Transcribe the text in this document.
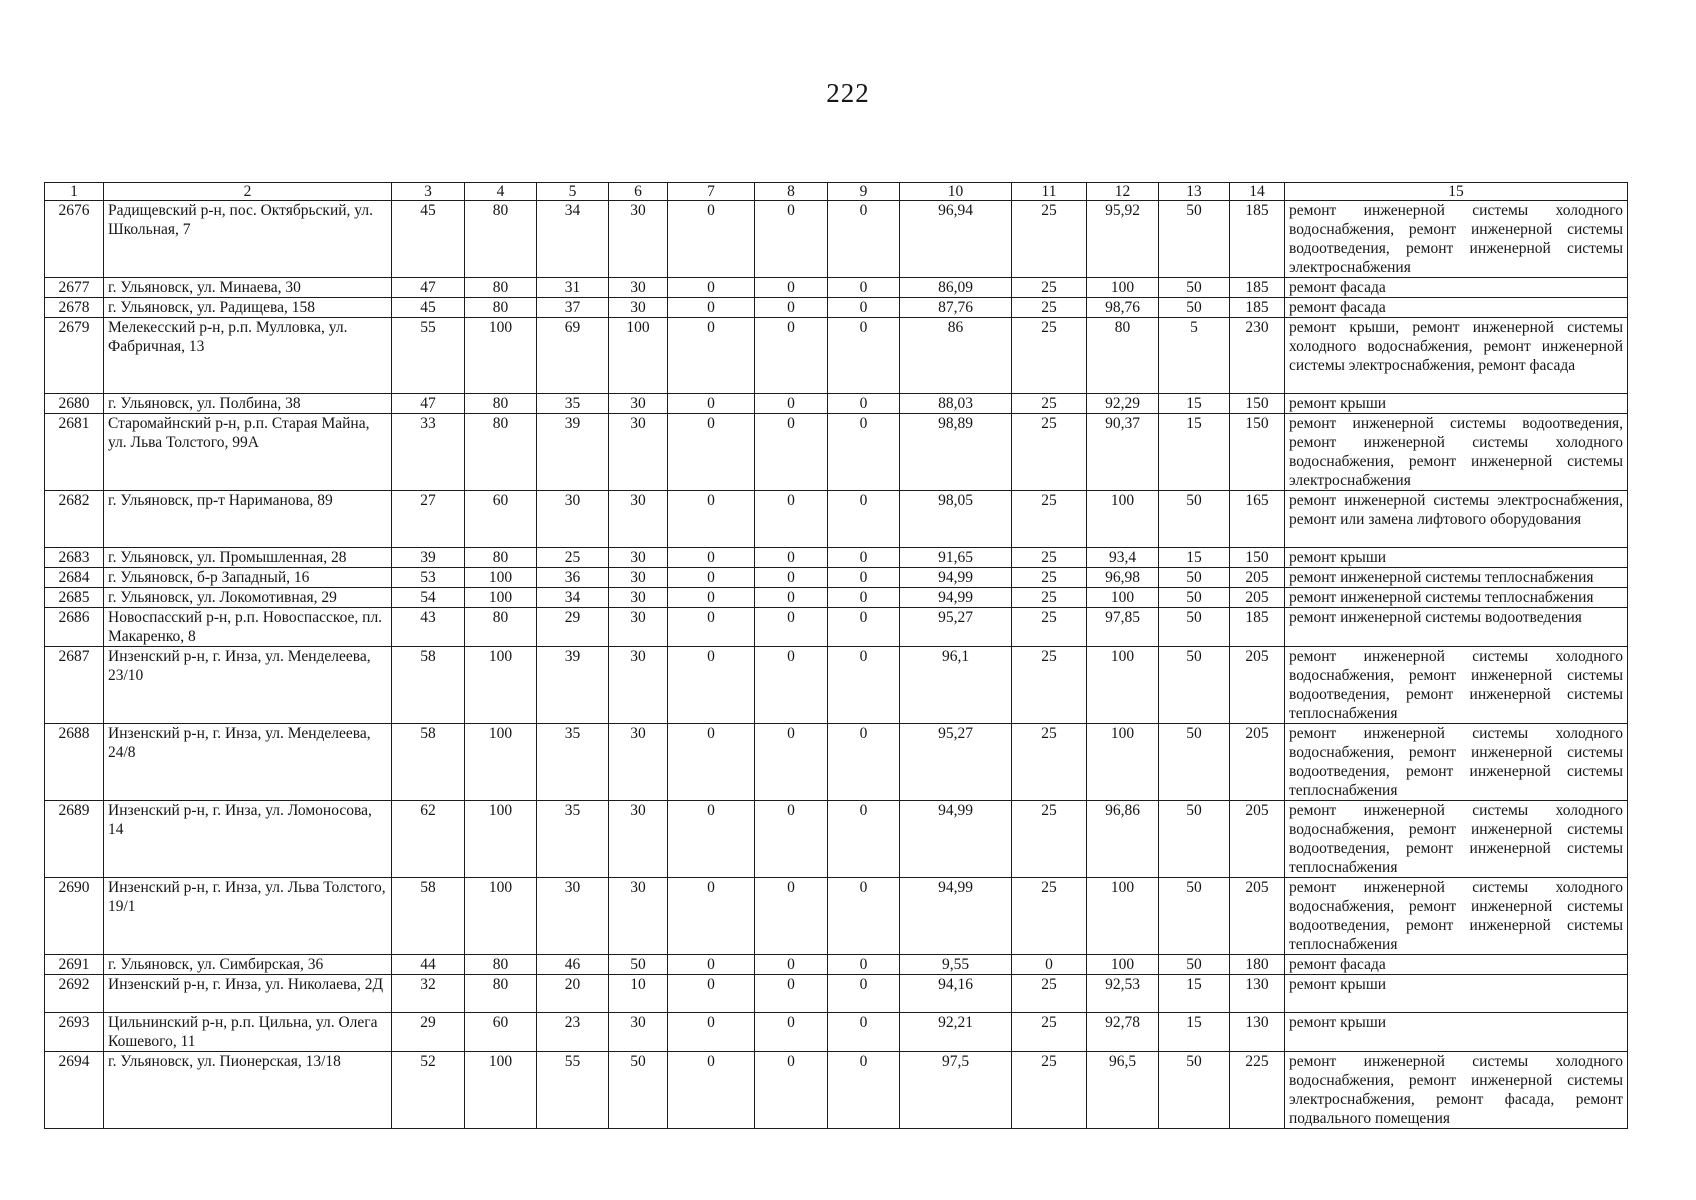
222
1	2	3	4	5	6	7	8	9	10	11	12	13	14	15
2676	Радищевский р-н, пос. Октябрьский, ул. Школьная, 7	45	80	34	30	0	0	0	96,94	25	95,92	50	185	ремонт инженерной системы холодного водоснабжения, ремонт инженерной системы водоотведения, ремонт инженерной системы электроснабжения
2677	г. Ульяновск, ул. Минаева, 30	47	80	31	30	0	0	0	86,09	25	100	50	185	ремонт фасада
2678	г. Ульяновск, ул. Радищева, 158	45	80	37	30	0	0	0	87,76	25	98,76	50	185	ремонт фасада
2679	Мелекесский р-н, р.п. Мулловка, ул. Фабричная, 13	55	100	69	100	0	0	0	86	25	80	5	230	ремонт крыши, ремонт инженерной системы холодного водоснабжения, ремонт инженерной системы электроснабжения, ремонт фасада
2680	г. Ульяновск, ул. Полбина, 38	47	80	35	30	0	0	0	88,03	25	92,29	15	150	ремонт крыши
2681	Старомайнский р-н, р.п. Старая Майна, ул. Льва Толстого, 99А	33	80	39	30	0	0	0	98,89	25	90,37	15	150	ремонт инженерной системы водоотведения, ремонт инженерной системы холодного водоснабжения, ремонт инженерной системы электроснабжения
2682	г. Ульяновск, пр-т Нариманова, 89	27	60	30	30	0	0	0	98,05	25	100	50	165	ремонт инженерной системы электроснабжения, ремонт или замена лифтового оборудования
2683	г. Ульяновск, ул. Промышленная, 28	39	80	25	30	0	0	0	91,65	25	93,4	15	150	ремонт крыши
2684	г. Ульяновск, б-р Западный, 16	53	100	36	30	0	0	0	94,99	25	96,98	50	205	ремонт инженерной системы теплоснабжения
2685	г. Ульяновск, ул. Локомотивная, 29	54	100	34	30	0	0	0	94,99	25	100	50	205	ремонт инженерной системы теплоснабжения
2686	Новоспасский р-н, р.п. Новоспасское, пл. Макаренко, 8	43	80	29	30	0	0	0	95,27	25	97,85	50	185	ремонт инженерной системы водоотведения
2687	Инзенский р-н, г. Инза, ул. Менделеева, 23/10	58	100	39	30	0	0	0	96,1	25	100	50	205	ремонт инженерной системы холодного водоснабжения, ремонт инженерной системы водоотведения, ремонт инженерной системы теплоснабжения
2688	Инзенский р-н, г. Инза, ул. Менделеева, 24/8	58	100	35	30	0	0	0	95,27	25	100	50	205	ремонт инженерной системы холодного водоснабжения, ремонт инженерной системы водоотведения, ремонт инженерной системы теплоснабжения
2689	Инзенский р-н, г. Инза, ул. Ломоносова, 14	62	100	35	30	0	0	0	94,99	25	96,86	50	205	ремонт инженерной системы холодного водоснабжения, ремонт инженерной системы водоотведения, ремонт инженерной системы теплоснабжения
2690	Инзенский р-н, г. Инза, ул. Льва Толстого, 19/1	58	100	30	30	0	0	0	94,99	25	100	50	205	ремонт инженерной системы холодного водоснабжения, ремонт инженерной системы водоотведения, ремонт инженерной системы теплоснабжения
2691	г. Ульяновск, ул. Симбирская, 36	44	80	46	50	0	0	0	9,55	0	100	50	180	ремонт фасада
2692	Инзенский р-н, г. Инза, ул. Николаева, 2Д	32	80	20	10	0	0	0	94,16	25	92,53	15	130	ремонт крыши
2693	Цильнинский р-н, р.п. Цильна, ул. Олега Кошевого, 11	29	60	23	30	0	0	0	92,21	25	92,78	15	130	ремонт крыши
2694	г. Ульяновск, ул. Пионерская, 13/18	52	100	55	50	0	0	0	97,5	25	96,5	50	225	ремонт инженерной системы холодного водоснабжения, ремонт инженерной системы электроснабжения, ремонт фасада, ремонт подвального помещения
